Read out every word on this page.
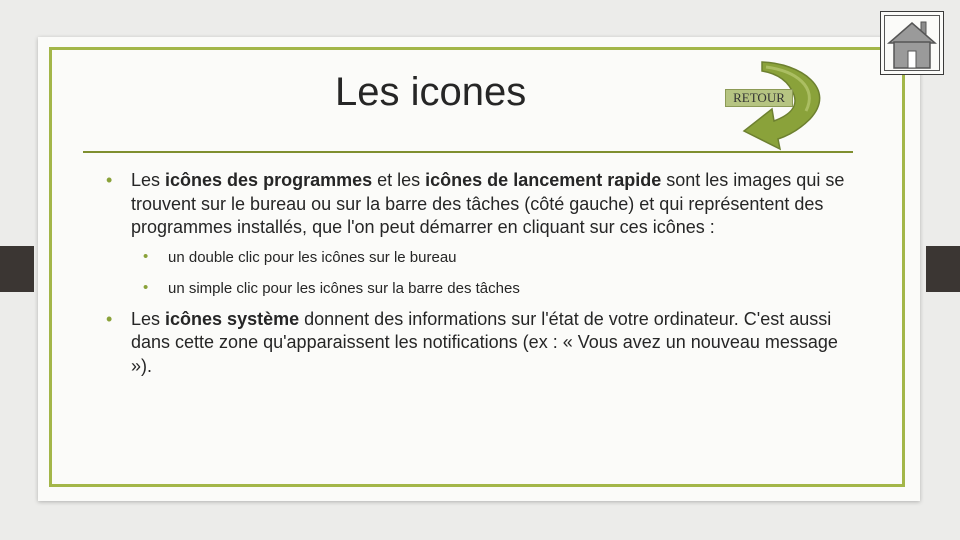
Les icones	RETOUR
• Les icônes des programmes et les icônes de lancement rapide sont les images qui se trouvent sur le bureau ou sur la barre des tâches (côté gauche) et qui représentent des programmes installés, que l'on peut démarrer en cliquant sur ces icônes :
• un double clic pour les icônes sur le bureau
• un simple clic pour les icônes sur la barre des tâches
• Les icônes système donnent des informations sur l'état de votre ordinateur. C'est aussi dans cette zone qu'apparaissent les notifications (ex : « Vous avez un nouveau message »).
